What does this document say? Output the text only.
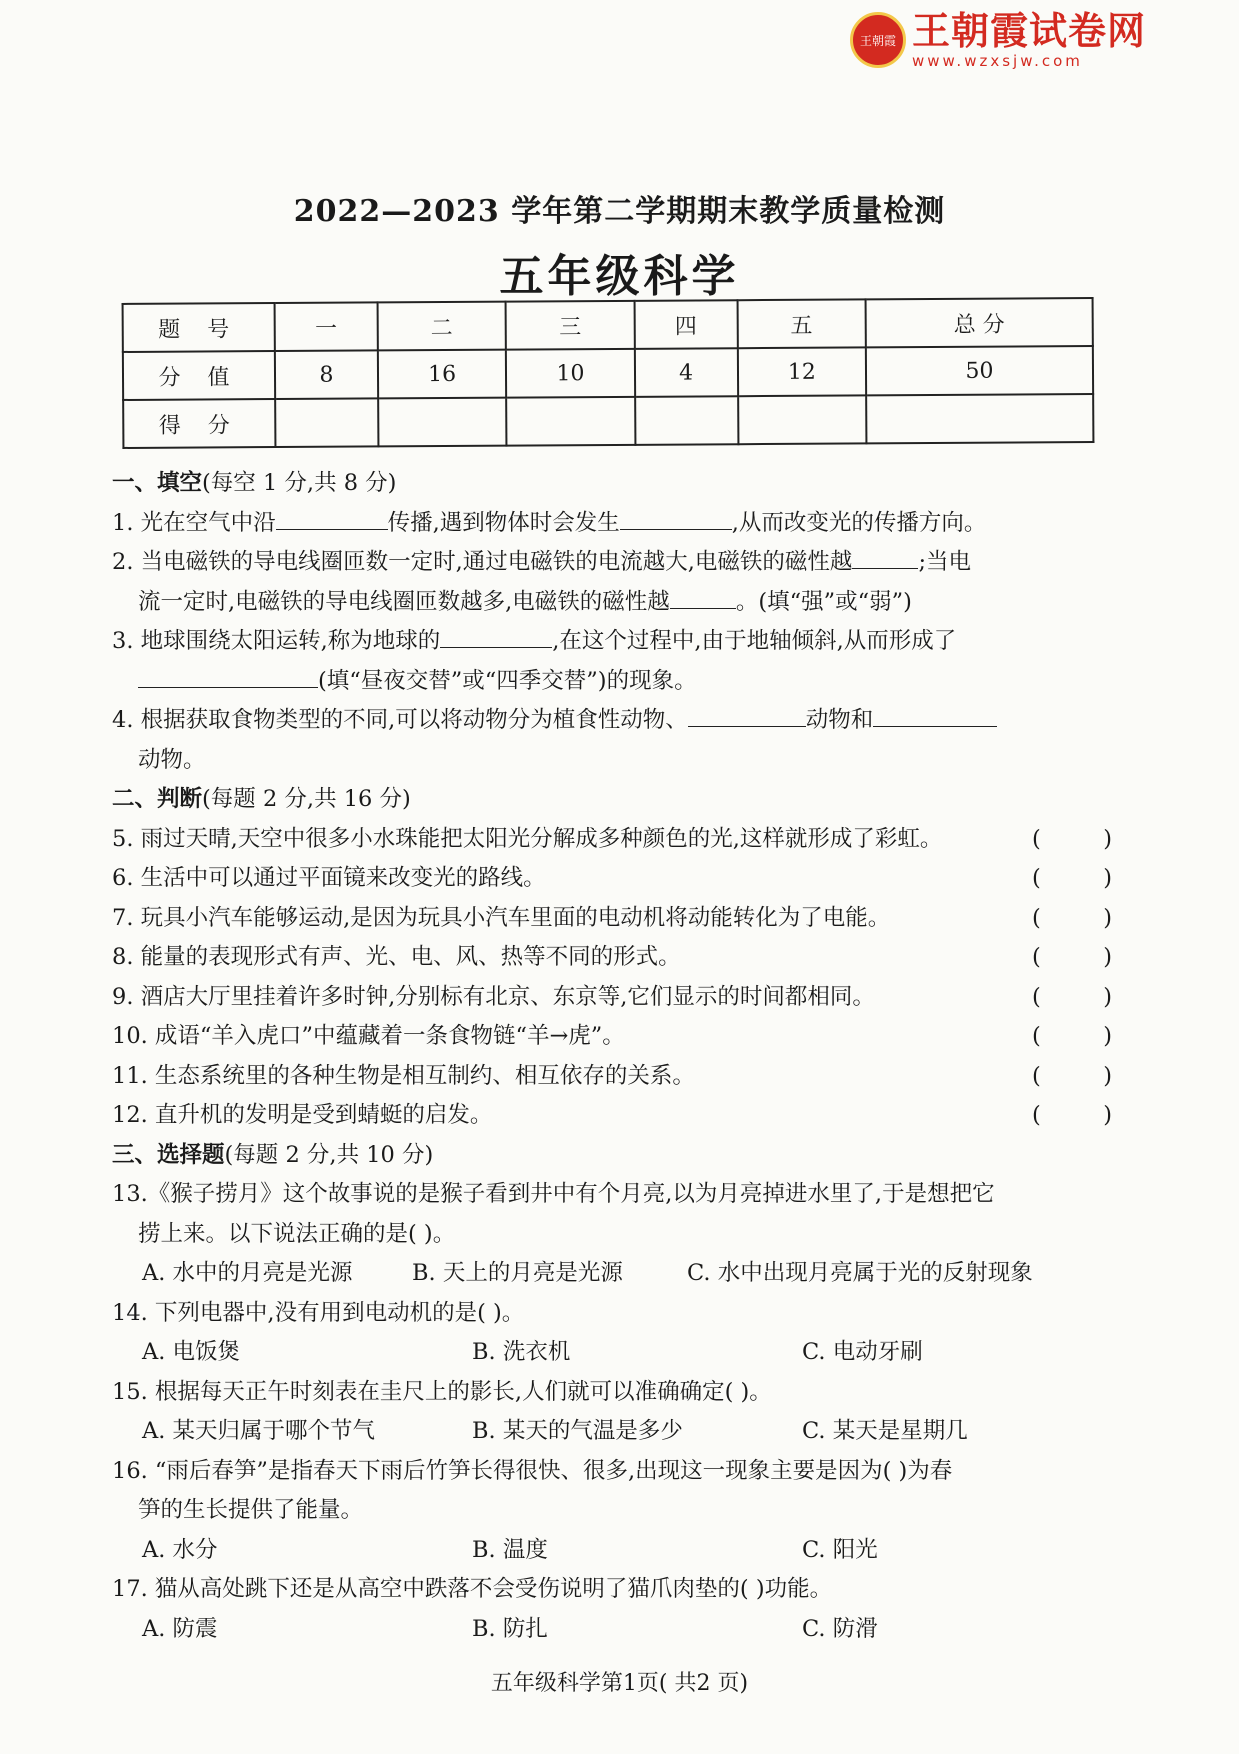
王朝霞 王朝霞试卷网
www.wzxsjw.com
2022—2023 学年第二学期期末教学质量检测
五年级科学
题 号	一	二	三	四	五	总 分
分 值	8	16	10	4	12	50
得 分						
一、填空(每空 1 分,共 8 分)
1. 光在空气中沿	传播,遇到物体时会发生	,从而改变光的传播方向。
2. 当电磁铁的导电线圈匝数一定时,通过电磁铁的电流越大,电磁铁的磁性越	;当电
流一定时,电磁铁的导电线圈匝数越多,电磁铁的磁性越	。(填“强”或“弱”)
3. 地球围绕太阳运转,称为地球的	,在这个过程中,由于地轴倾斜,从而形成了
(填“昼夜交替”或“四季交替”)的现象。
4. 根据获取食物类型的不同,可以将动物分为植食性动物、	动物和
动物。
二、判断(每题 2 分,共 16 分)
5. 雨过天晴,天空中很多小水珠能把太阳光分解成多种颜色的光,这样就形成了彩虹。	(	)
6. 生活中可以通过平面镜来改变光的路线。	(	)
7. 玩具小汽车能够运动,是因为玩具小汽车里面的电动机将动能转化为了电能。	(	)
8. 能量的表现形式有声、光、电、风、热等不同的形式。	(	)
9. 酒店大厅里挂着许多时钟,分别标有北京、东京等,它们显示的时间都相同。	(	)
10. 成语“羊入虎口”中蕴藏着一条食物链“羊→虎”。	(	)
11. 生态系统里的各种生物是相互制约、相互依存的关系。	(	)
12. 直升机的发明是受到蜻蜓的启发。	(	)
三、选择题(每题 2 分,共 10 分)
13.《猴子捞月》这个故事说的是猴子看到井中有个月亮,以为月亮掉进水里了,于是想把它
捞上来。以下说法正确的是( )。
A. 水中的月亮是光源	B. 天上的月亮是光源	C. 水中出现月亮属于光的反射现象
14. 下列电器中,没有用到电动机的是( )。
A. 电饭煲	B. 洗衣机	C. 电动牙刷
15. 根据每天正午时刻表在圭尺上的影长,人们就可以准确确定( )。
A. 某天归属于哪个节气	B. 某天的气温是多少	C. 某天是星期几
16. “雨后春笋”是指春天下雨后竹笋长得很快、很多,出现这一现象主要是因为( )为春
笋的生长提供了能量。
A. 水分	B. 温度	C. 阳光
17. 猫从高处跳下还是从高空中跌落不会受伤说明了猫爪肉垫的( )功能。
A. 防震	B. 防扎	C. 防滑
五年级科学第1页( 共2 页)
